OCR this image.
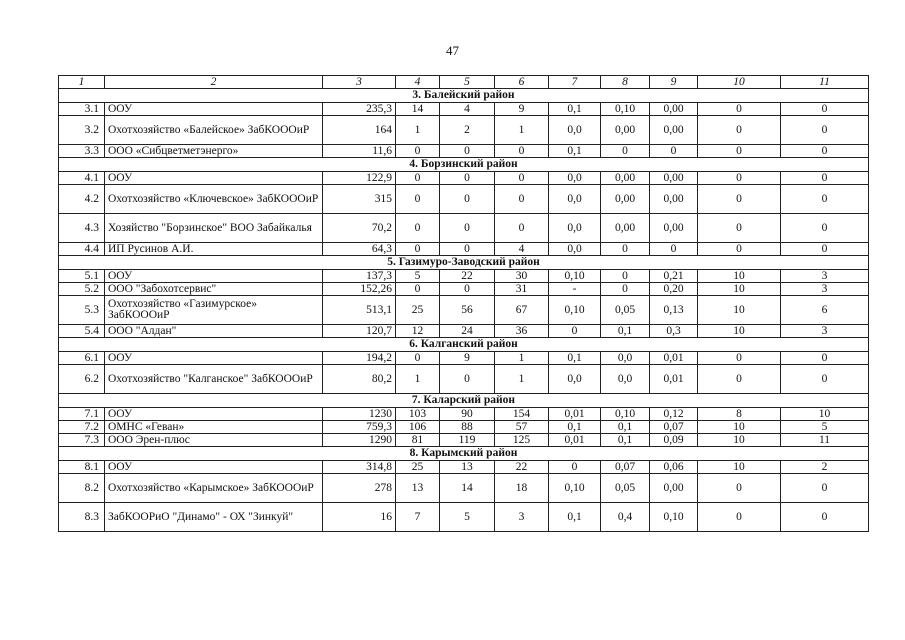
47
1	2	3	4	5	6	7	8	9	10	11
3. Балейский район										
3.1	ООУ	235,3	14	4	9	0,1	0,10	0,00	0	0
3.2	Охотхозяйство «Балейское» ЗабКОООиР	164	1	2	1	0,0	0,00	0,00	0	0
3.3	ООО «Сибцветметэнерго»	11,6	0	0	0	0,1	0	0	0	0
4. Борзинский район										
4.1	ООУ	122,9	0	0	0	0,0	0,00	0,00	0	0
4.2	Охотхозяйство «Ключевское» ЗабКОООиР	315	0	0	0	0,0	0,00	0,00	0	0
4.3	Хозяйство "Борзинское" ВОО Забайкалья	70,2	0	0	0	0,0	0,00	0,00	0	0
4.4	ИП Русинов А.И.	64,3	0	0	4	0,0	0	0	0	0
5. Газимуро-Заводский район										
5.1	ООУ	137,3	5	22	30	0,10	0	0,21	10	3
5.2	ООО "Забохотсервис"	152,26	0	0	31	-	0	0,20	10	3
5.3	Охотхозяйство «Газимурское» ЗабКОООиР	513,1	25	56	67	0,10	0,05	0,13	10	6
5.4	ООО "Алдан"	120,7	12	24	36	0	0,1	0,3	10	3
6. Калганский район										
6.1	ООУ	194,2	0	9	1	0,1	0,0	0,01	0	0
6.2	Охотхозяйство "Калганское" ЗабКОООиР	80,2	1	0	1	0,0	0,0	0,01	0	0
7. Каларский район										
7.1	ООУ	1230	103	90	154	0,01	0,10	0,12	8	10
7.2	ОМНС «Геван»	759,3	106	88	57	0,1	0,1	0,07	10	5
7.3	ООО Эрен-плюс	1290	81	119	125	0,01	0,1	0,09	10	11
8. Карымский район										
8.1	ООУ	314,8	25	13	22	0	0,07	0,06	10	2
8.2	Охотхозяйство «Карымское» ЗабКОООиР	278	13	14	18	0,10	0,05	0,00	0	0
8.3	ЗабКООРиО "Динамо" - ОХ "Зинкуй"	16	7	5	3	0,1	0,4	0,10	0	0
